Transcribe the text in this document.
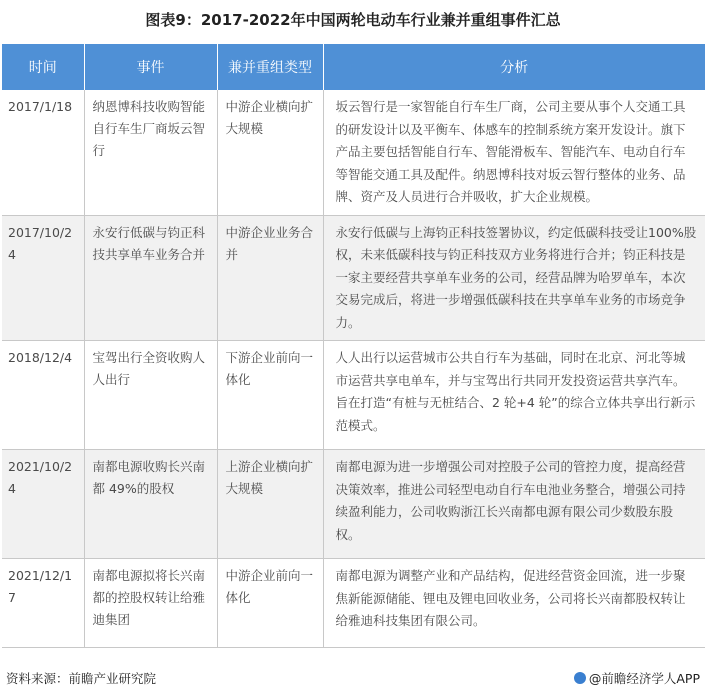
图表9：2017-2022年中国两轮电动车行业兼并重组事件汇总
时间	事件	兼并重组类型	分析
2017/1/18	纳恩博科技收购智能自行车生厂商坂云智行	中游企业横向扩大规模	坂云智行是一家智能自行车生厂商，公司主要从事个人交通工具的研发设计以及平衡车、体感车的控制系统方案开发设计。旗下产品主要包括智能自行车、智能滑板车、智能汽车、电动自行车等智能交通工具及配件。纳恩博科技对坂云智行整体的业务、品牌、资产及人员进行合并吸收，扩大企业规模。
2017/10/24	永安行低碳与钧正科技共享单车业务合并	中游企业业务合并	永安行低碳与上海钧正科技签署协议，约定低碳科技受让100%股权，未来低碳科技与钧正科技双方业务将进行合并；钧正科技是一家主要经营共享单车业务的公司，经营品牌为哈罗单车，本次交易完成后，将进一步增强低碳科技在共享单车业务的市场竞争力。
2018/12/4	宝驾出行全资收购人人出行	下游企业前向一体化	人人出行以运营城市公共自行车为基础，同时在北京、河北等城市运营共享电单车，并与宝驾出行共同开发投资运营共享汽车。旨在打造“有桩与无桩结合、2 轮+4 轮”的综合立体共享出行新示范模式。
2021/10/24	南都电源收购长兴南都 49%的股权	上游企业横向扩大规模	南都电源为进一步增强公司对控股子公司的管控力度，提高经营决策效率，推进公司轻型电动自行车电池业务整合，增强公司持续盈利能力，公司收购浙江长兴南都电源有限公司少数股东股权。
2021/12/17	南都电源拟将长兴南都的控股权转让给雅迪集团	中游企业前向一体化	南都电源为调整产业和产品结构，促进经营资金回流，进一步聚焦新能源储能、锂电及锂电回收业务，公司将长兴南都股权转让给雅迪科技集团有限公司。
资料来源：前瞻产业研究院	@前瞻经济学人APP
